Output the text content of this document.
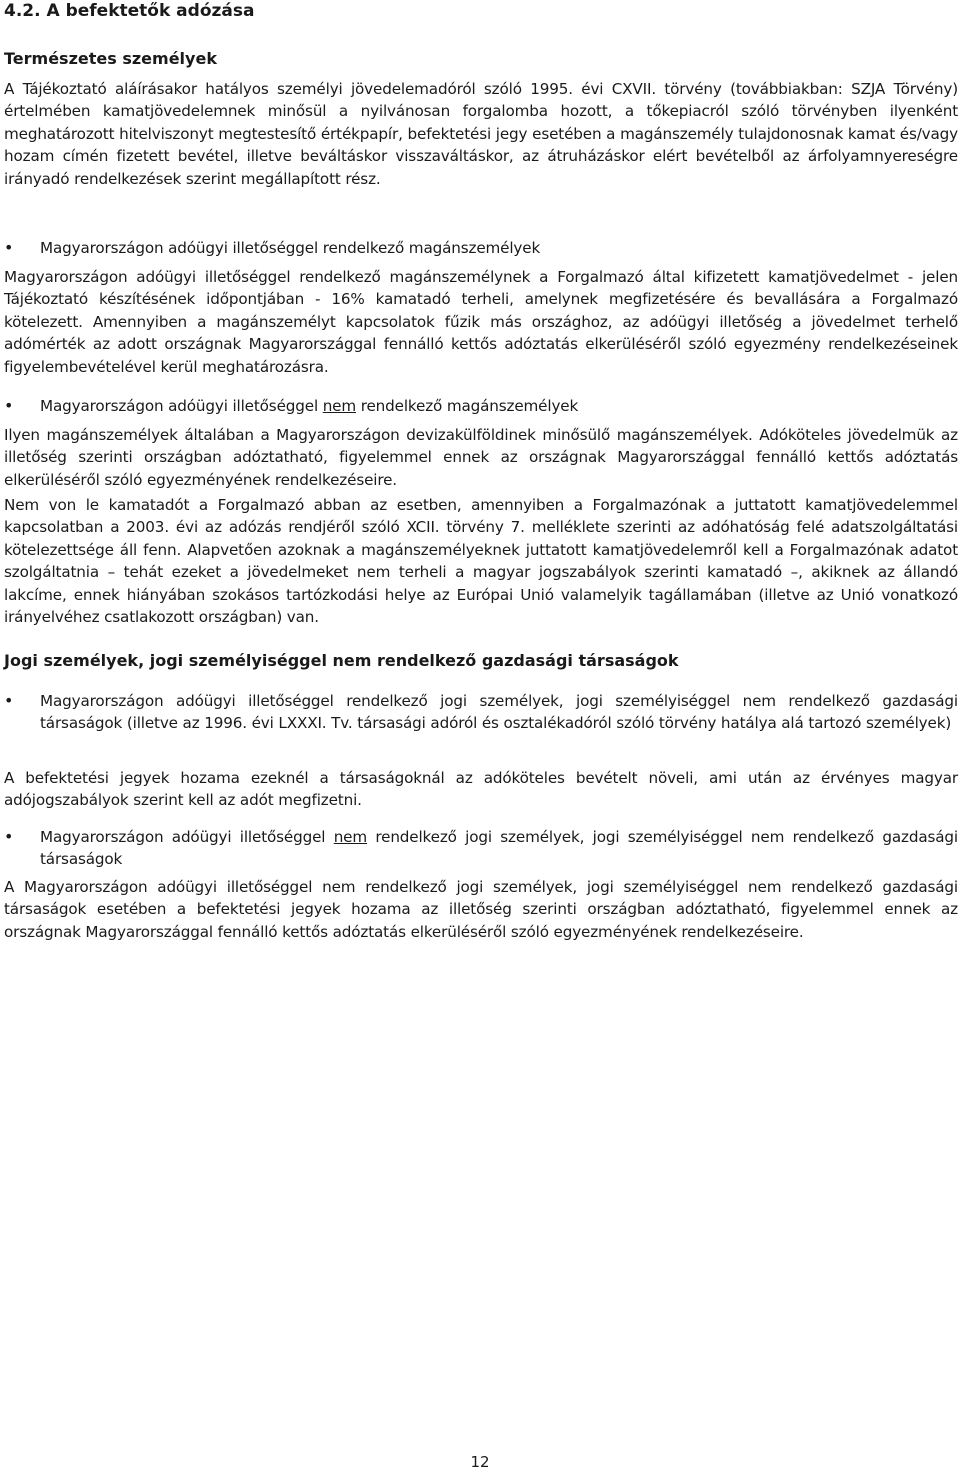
4.2. A befektetők adózása
Természetes személyek

A Tájékoztató aláírásakor hatályos személyi jövedelemadóról szóló 1995. évi CXVII. törvény (továbbiakban: SZJA Törvény) értelmében kamatjövedelemnek minősül a nyilvánosan forgalomba hozott, a tőkepiacról szóló törvényben ilyenként meghatározott hitelviszonyt megtestesítő értékpapír, befektetési jegy esetében a magánszemély tulajdonosnak kamat és/vagy hozam címén fizetett bevétel, illetve beváltáskor visszaváltáskor, az átruházáskor elért bevételből az árfolyamnyereségre irányadó rendelkezések szerint megállapított rész.

•	Magyarországon adóügyi illetőséggel rendelkező magánszemélyek

Magyarországon adóügyi illetőséggel rendelkező magánszemélynek a Forgalmazó által kifizetett kamatjövedelmet - jelen Tájékoztató készítésének időpontjában - 16% kamatadó terheli, amelynek megfizetésére és bevallására a Forgalmazó kötelezett. Amennyiben a magánszemélyt kapcsolatok fűzik más országhoz, az adóügyi illetőség a jövedelmet terhelő adómérték az adott országnak Magyarországgal fennálló kettős adóztatás elkerüléséről szóló egyezmény rendelkezéseinek figyelembevételével kerül meghatározásra.

•	Magyarországon adóügyi illetőséggel nem rendelkező magánszemélyek

Ilyen magánszemélyek általában a Magyarországon devizakülföldinek minősülő magánszemélyek. Adóköteles jövedelmük az illetőség szerinti országban adóztatható, figyelemmel ennek az országnak Magyarországgal fennálló kettős adóztatás elkerüléséről szóló egyezményének rendelkezéseire.

Nem von le kamatadót a Forgalmazó abban az esetben, amennyiben a Forgalmazónak a juttatott kamatjövedelemmel kapcsolatban a 2003. évi az adózás rendjéről szóló XCII. törvény 7. melléklete szerinti az adóhatóság felé adatszolgáltatási kötelezettsége áll fenn. Alapvetően azoknak a magánszemélyeknek juttatott kamatjövedelemről kell a Forgalmazónak adatot szolgáltatnia – tehát ezeket a jövedelmeket nem terheli a magyar jogszabályok szerinti kamatadó –, akiknek az állandó lakcíme, ennek hiányában szokásos tartózkodási helye az Európai Unió valamelyik tagállamában (illetve az Unió vonatkozó irányelvéhez csatlakozott országban) van.

Jogi személyek, jogi személyiséggel nem rendelkező gazdasági társaságok
•	Magyarországon adóügyi illetőséggel rendelkező jogi személyek, jogi személyiséggel nem rendelkező gazdasági társaságok (illetve az 1996. évi LXXXI. Tv. társasági adóról és osztalékadóról szóló törvény hatálya alá tartozó személyek)

A befektetési jegyek hozama ezeknél a társaságoknál az adóköteles bevételt növeli, ami után az érvényes magyar adójogszabályok szerint kell az adót megfizetni.

•	Magyarországon adóügyi illetőséggel nem rendelkező jogi személyek, jogi személyiséggel nem rendelkező gazdasági társaságok

A Magyarországon adóügyi illetőséggel nem rendelkező jogi személyek, jogi személyiséggel nem rendelkező gazdasági társaságok esetében a befektetési jegyek hozama az illetőség szerinti országban adóztatható, figyelemmel ennek az országnak Magyarországgal fennálló kettős adóztatás elkerüléséről szóló egyezményének rendelkezéseire.

12
